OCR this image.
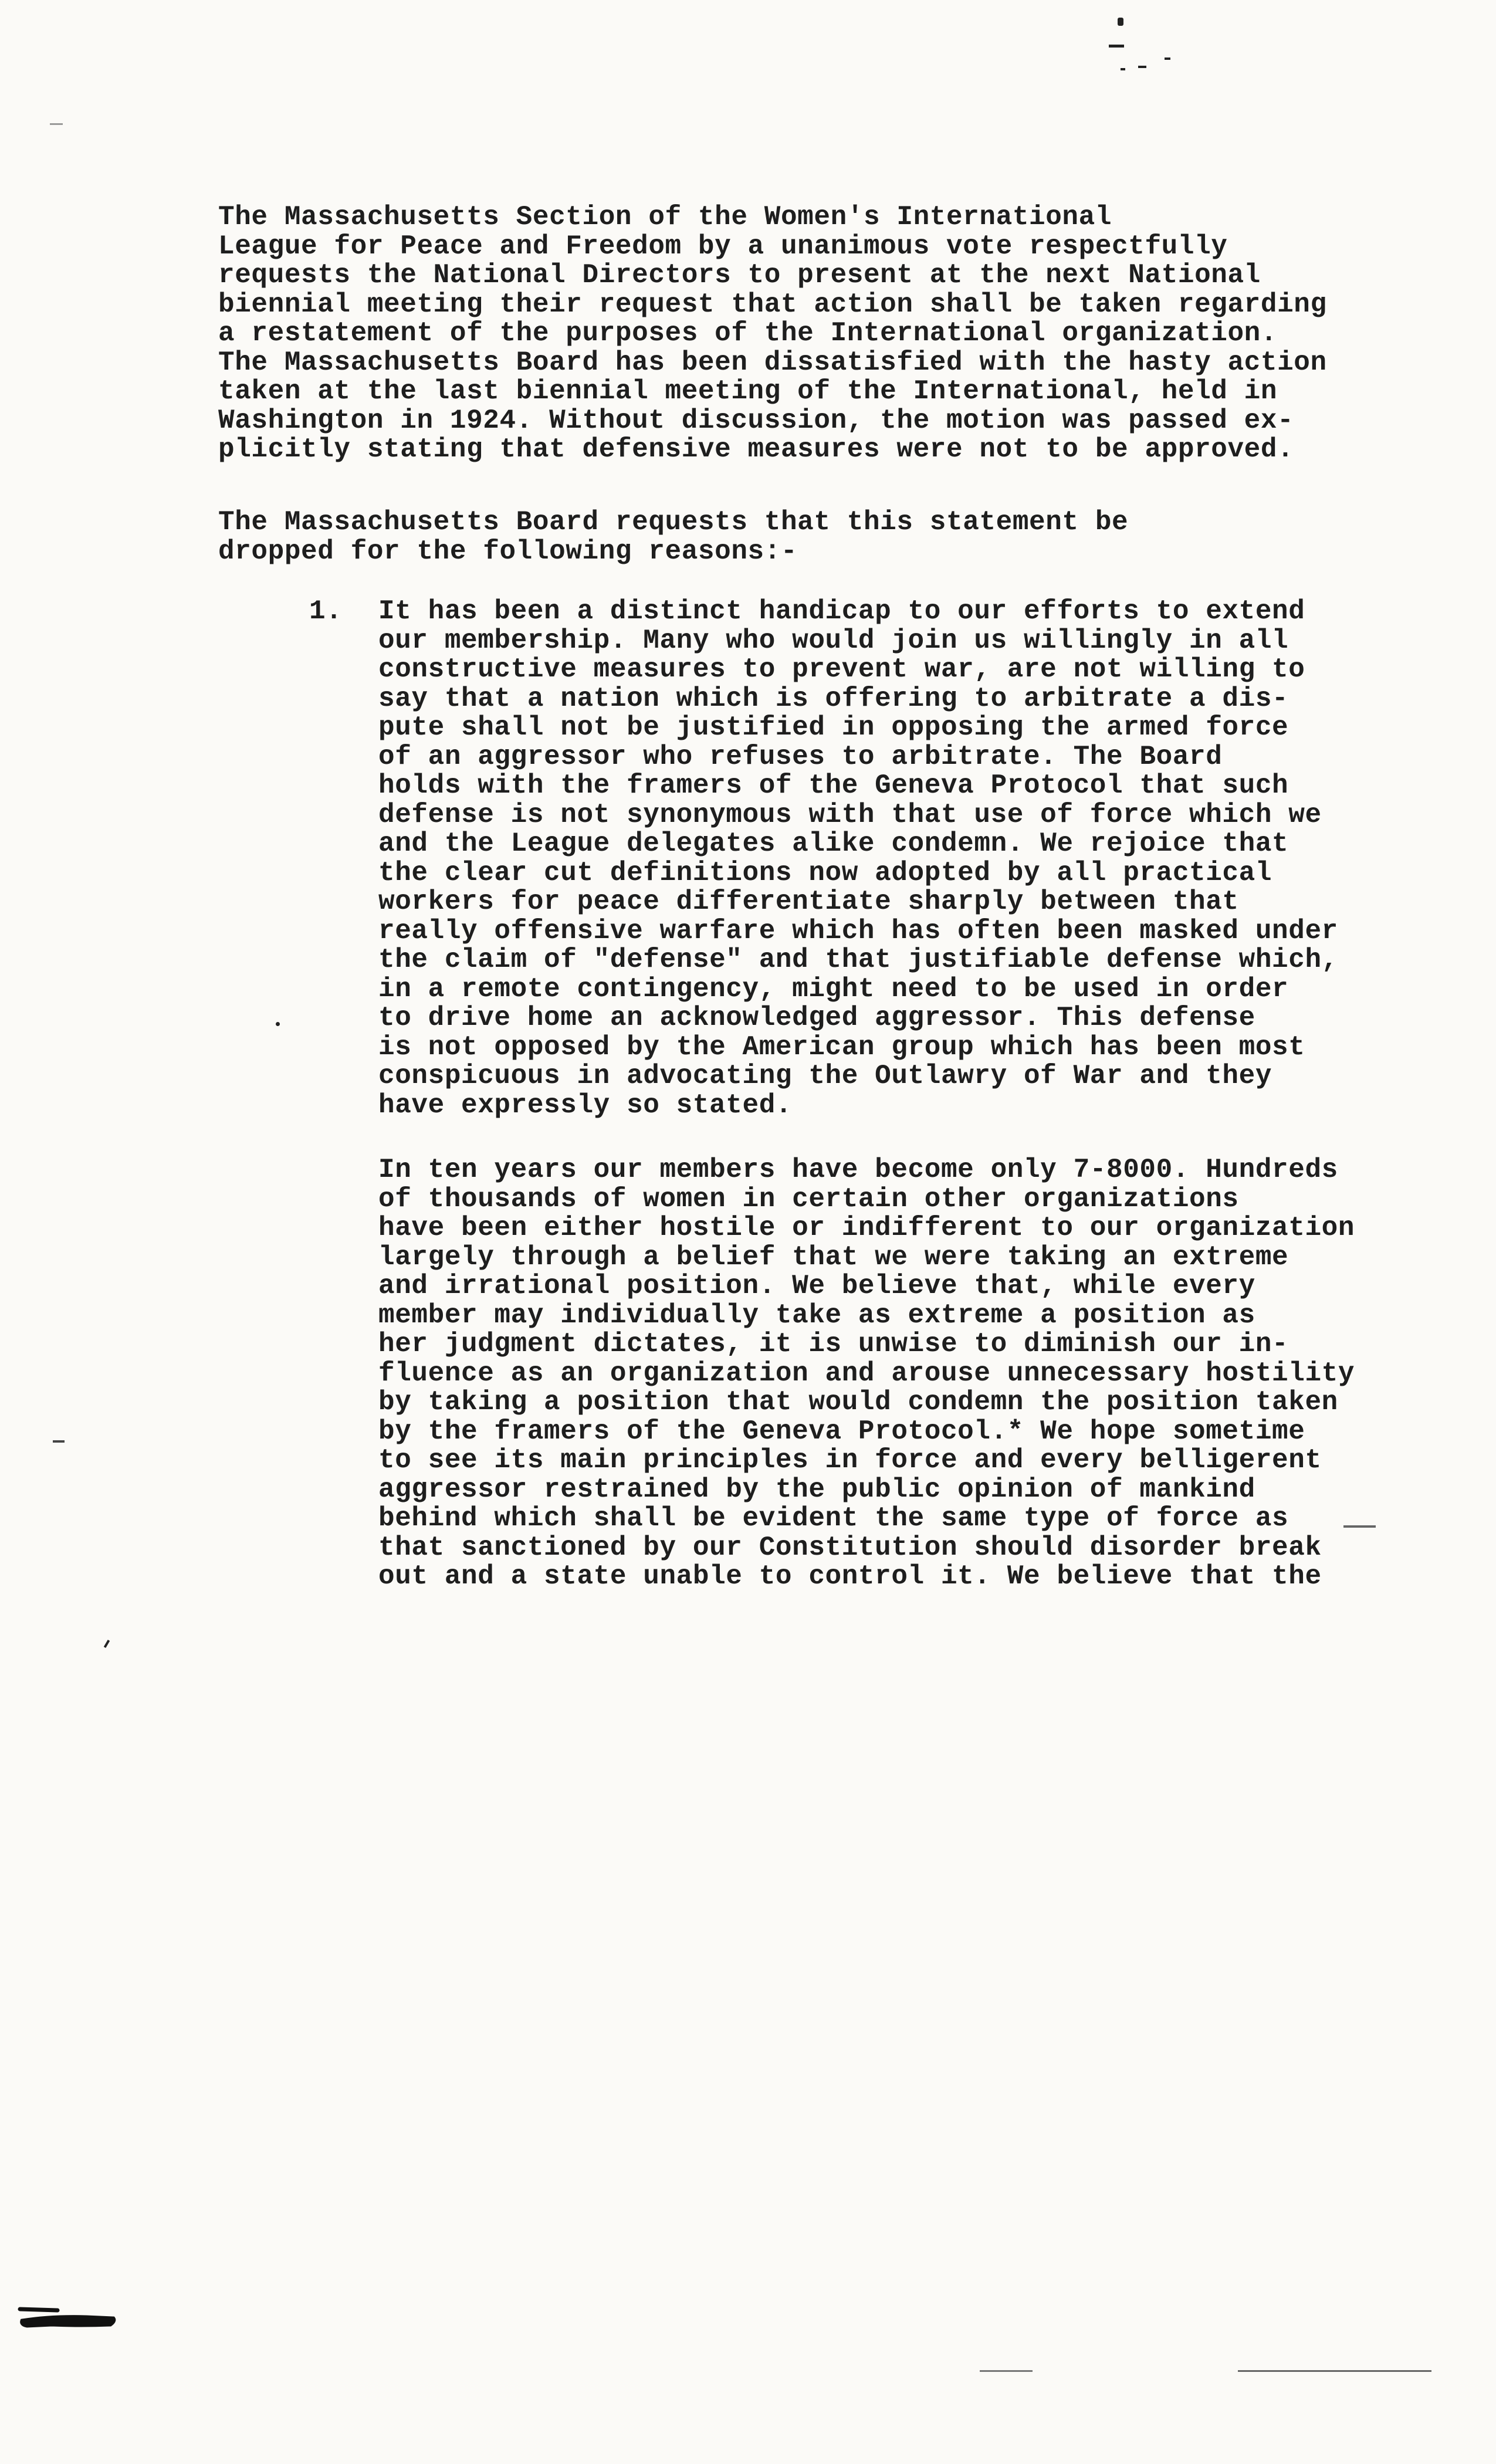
The Massachusetts Section of the Women's International
League for Peace and Freedom by a unanimous vote respectfully
requests the National Directors to present at the next National
biennial meeting their request that action shall be taken regarding
a restatement of the purposes of the International organization.
The Massachusetts Board has been dissatisfied with the hasty action
taken at the last biennial meeting of the International, held in
Washington in 1924. Without discussion, the motion was passed ex-
plicitly stating that defensive measures were not to be approved.

The Massachusetts Board requests that this statement be
dropped for the following reasons:-

1. It has been a distinct handicap to our efforts to extend
our membership. Many who would join us willingly in all
constructive measures to prevent war, are not willing to
say that a nation which is offering to arbitrate a dis-
pute shall not be justified in opposing the armed force
of an aggressor who refuses to arbitrate. The Board
holds with the framers of the Geneva Protocol that such
defense is not synonymous with that use of force which we
and the League delegates alike condemn. We rejoice that
the clear cut definitions now adopted by all practical
workers for peace differentiate sharply between that
really offensive warfare which has often been masked under
the claim of "defense" and that justifiable defense which,
in a remote contingency, might need to be used in order
to drive home an acknowledged aggressor. This defense
is not opposed by the American group which has been most
conspicuous in advocating the Outlawry of War and they
have expressly so stated.

In ten years our members have become only 7-8000. Hundreds
of thousands of women in certain other organizations
have been either hostile or indifferent to our organization
largely through a belief that we were taking an extreme
and irrational position. We believe that, while every
member may individually take as extreme a position as
her judgment dictates, it is unwise to diminish our in-
fluence as an organization and arouse unnecessary hostility
by taking a position that would condemn the position taken
by the framers of the Geneva Protocol.* We hope sometime
to see its main principles in force and every belligerent
aggressor restrained by the public opinion of mankind
behind which shall be evident the same type of force as
that sanctioned by our Constitution should disorder break
out and a state unable to control it. We believe that the
